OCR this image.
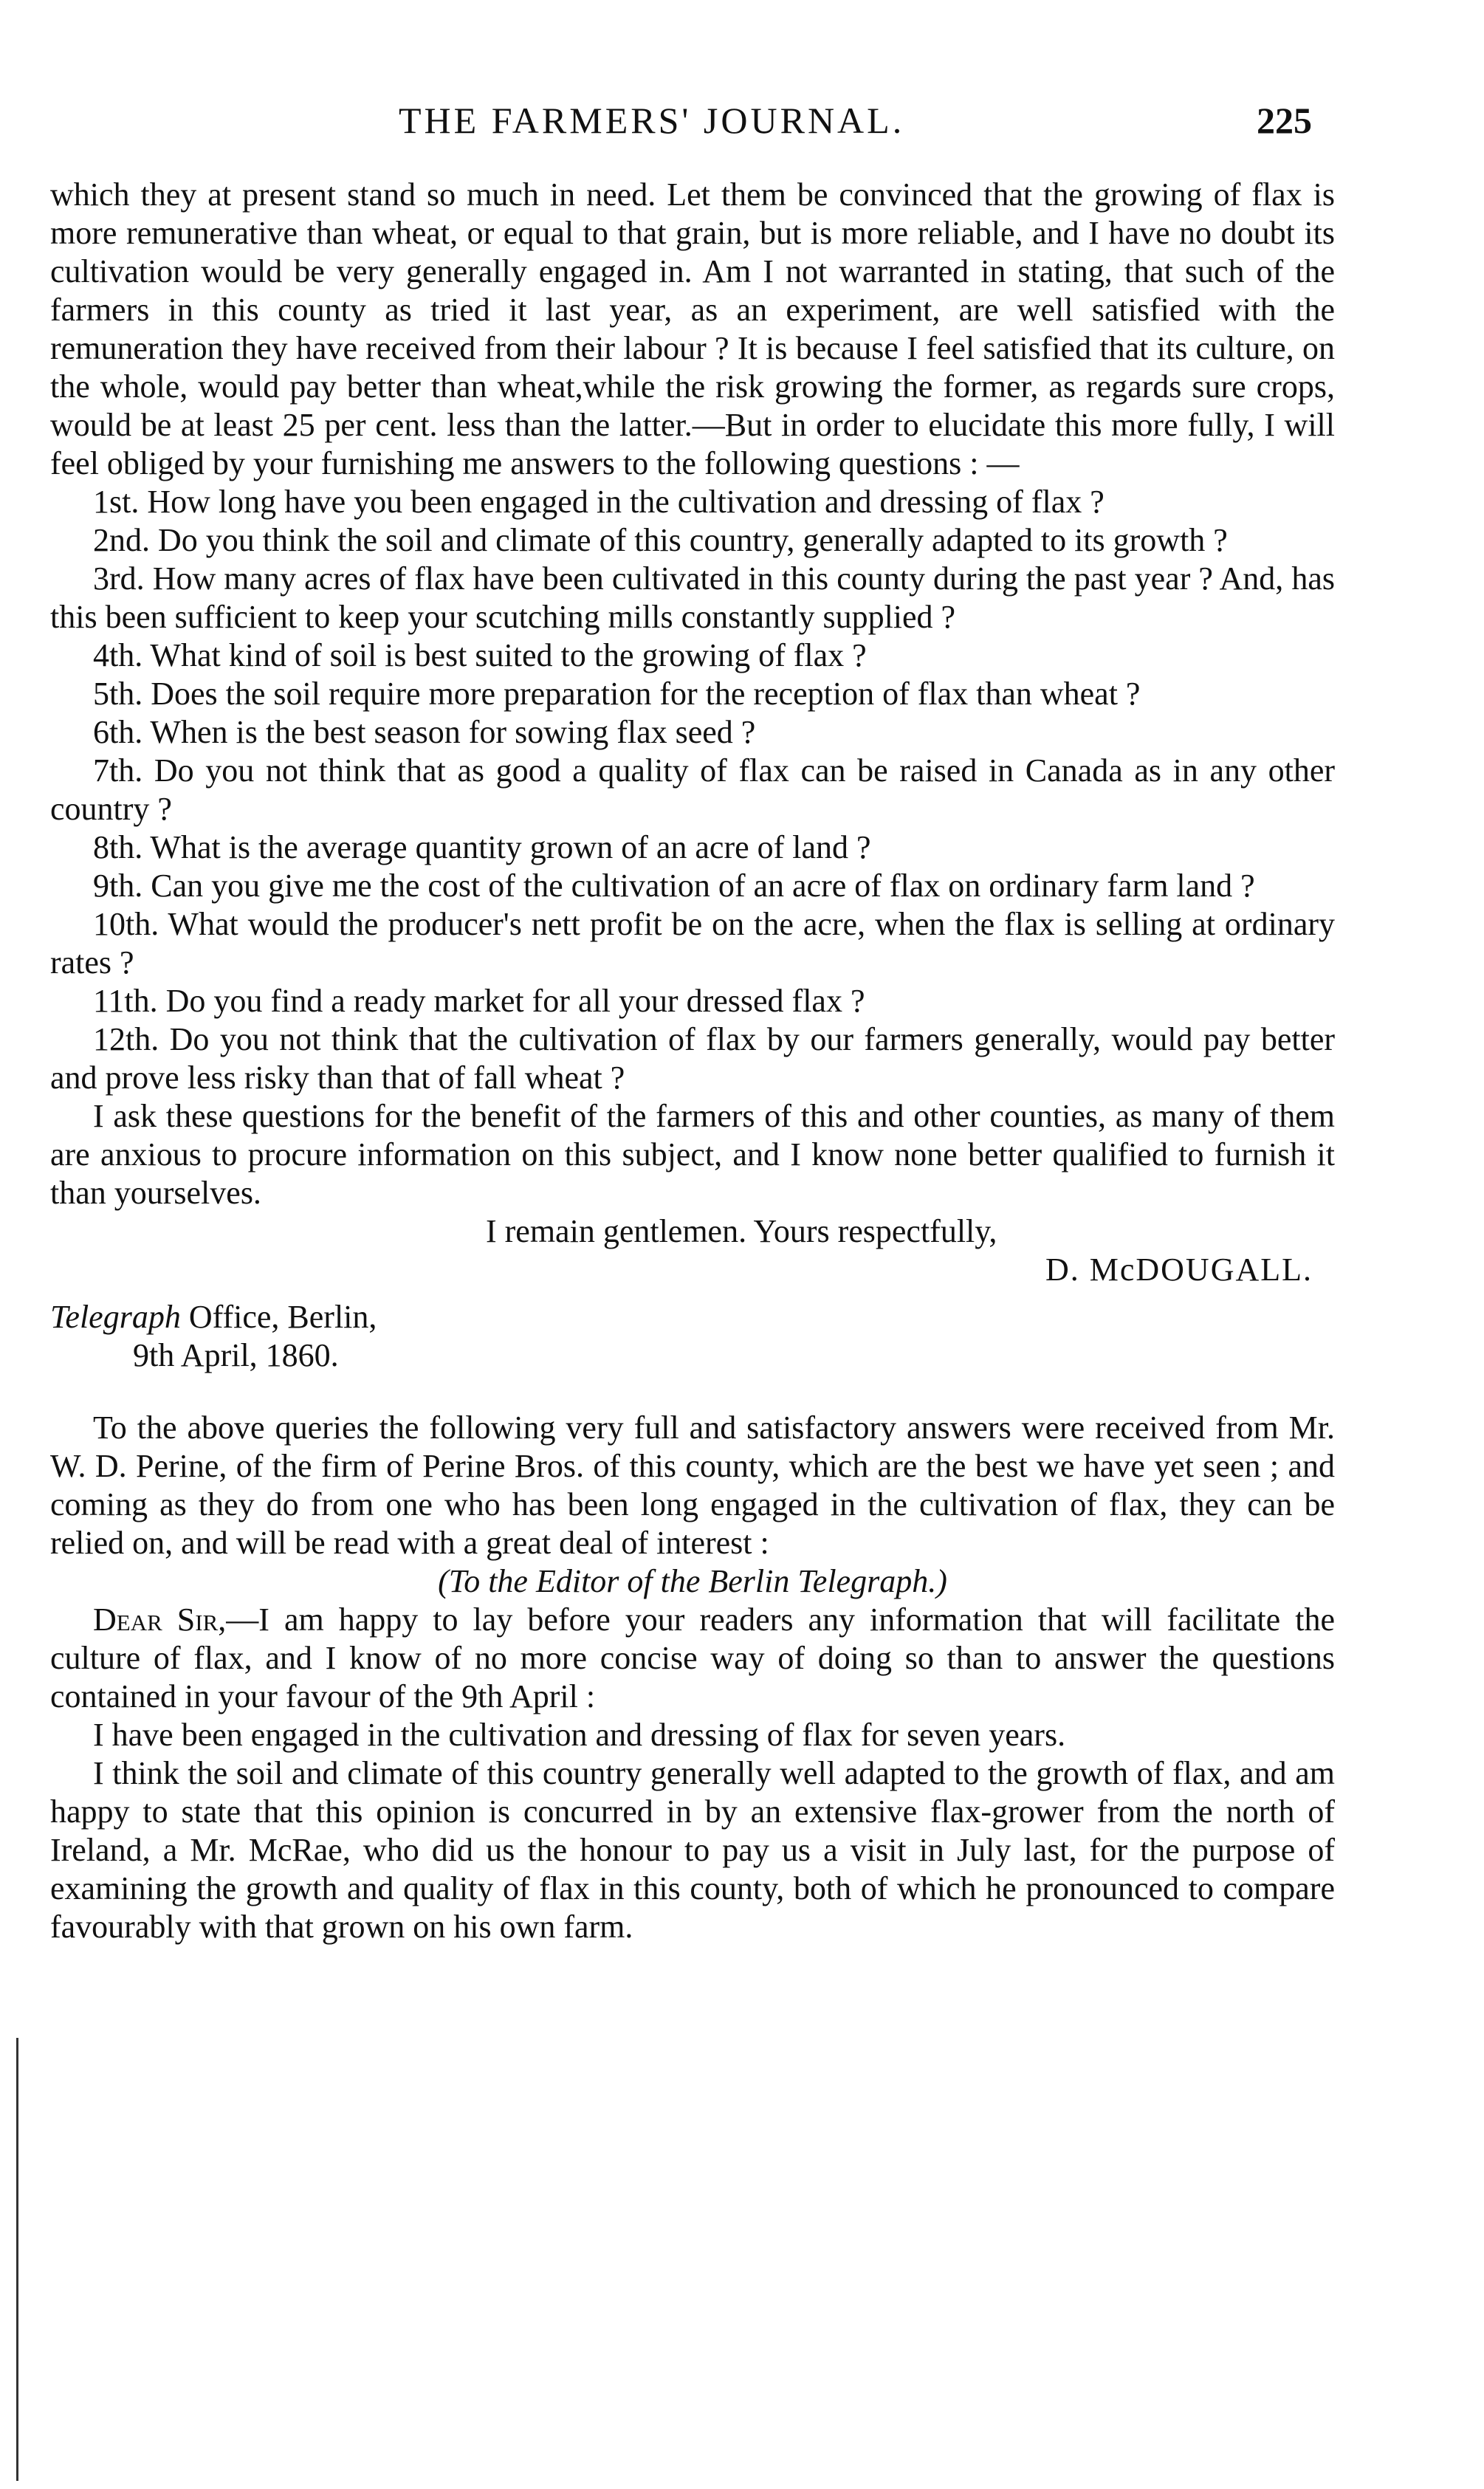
THE FARMERS' JOURNAL.	225

which they at present stand so much in need. Let them be convinced that the growing of flax is more remunerative than wheat, or equal to that grain, but is more reliable, and I have no doubt its cultivation would be very generally engaged in. Am I not warranted in stating, that such of the farmers in this county as tried it last year, as an experiment, are well satisfied with the remuneration they have received from their labour ? It is because I feel satisfied that its culture, on the whole, would pay better than wheat,while the risk growing the former, as regards sure crops, would be at least 25 per cent. less than the latter.—But in order to elucidate this more fully, I will feel obliged by your furnishing me answers to the following questions : —

1st. How long have you been engaged in the cultivation and dressing of flax ?

2nd. Do you think the soil and climate of this country, generally adapted to its growth ?

3rd. How many acres of flax have been cultivated in this county during the past year ? And, has this been sufficient to keep your scutching mills constantly supplied ?

4th. What kind of soil is best suited to the growing of flax ?

5th. Does the soil require more preparation for the reception of flax than wheat ?

6th. When is the best season for sowing flax seed ?

7th. Do you not think that as good a quality of flax can be raised in Canada as in any other country ?

8th. What is the average quantity grown of an acre of land ?

9th. Can you give me the cost of the cultivation of an acre of flax on ordinary farm land ?

10th. What would the producer's nett profit be on the acre, when the flax is selling at ordinary rates ?

11th. Do you find a ready market for all your dressed flax ?

12th. Do you not think that the cultivation of flax by our farmers generally, would pay better and prove less risky than that of fall wheat ?

I ask these questions for the benefit of the farmers of this and other counties, as many of them are anxious to procure information on this subject, and I know none better qualified to furnish it than yourselves.

I remain gentlemen. Yours respectfully,

D. McDOUGALL.

Telegraph Office, Berlin,

9th April, 1860.

To the above queries the following very full and satisfactory answers were received from Mr. W. D. Perine, of the firm of Perine Bros. of this county, which are the best we have yet seen ; and coming as they do from one who has been long engaged in the cultivation of flax, they can be relied on, and will be read with a great deal of interest :

(To the Editor of the Berlin Telegraph.)

Dear Sir,—I am happy to lay before your readers any information that will facilitate the culture of flax, and I know of no more concise way of doing so than to answer the questions contained in your favour of the 9th April :

I have been engaged in the cultivation and dressing of flax for seven years.

I think the soil and climate of this country generally well adapted to the growth of flax, and am happy to state that this opinion is concurred in by an extensive flax-grower from the north of Ireland, a Mr. McRae, who did us the honour to pay us a visit in July last, for the purpose of examining the growth and quality of flax in this county, both of which he pronounced to compare favourably with that grown on his own farm.
